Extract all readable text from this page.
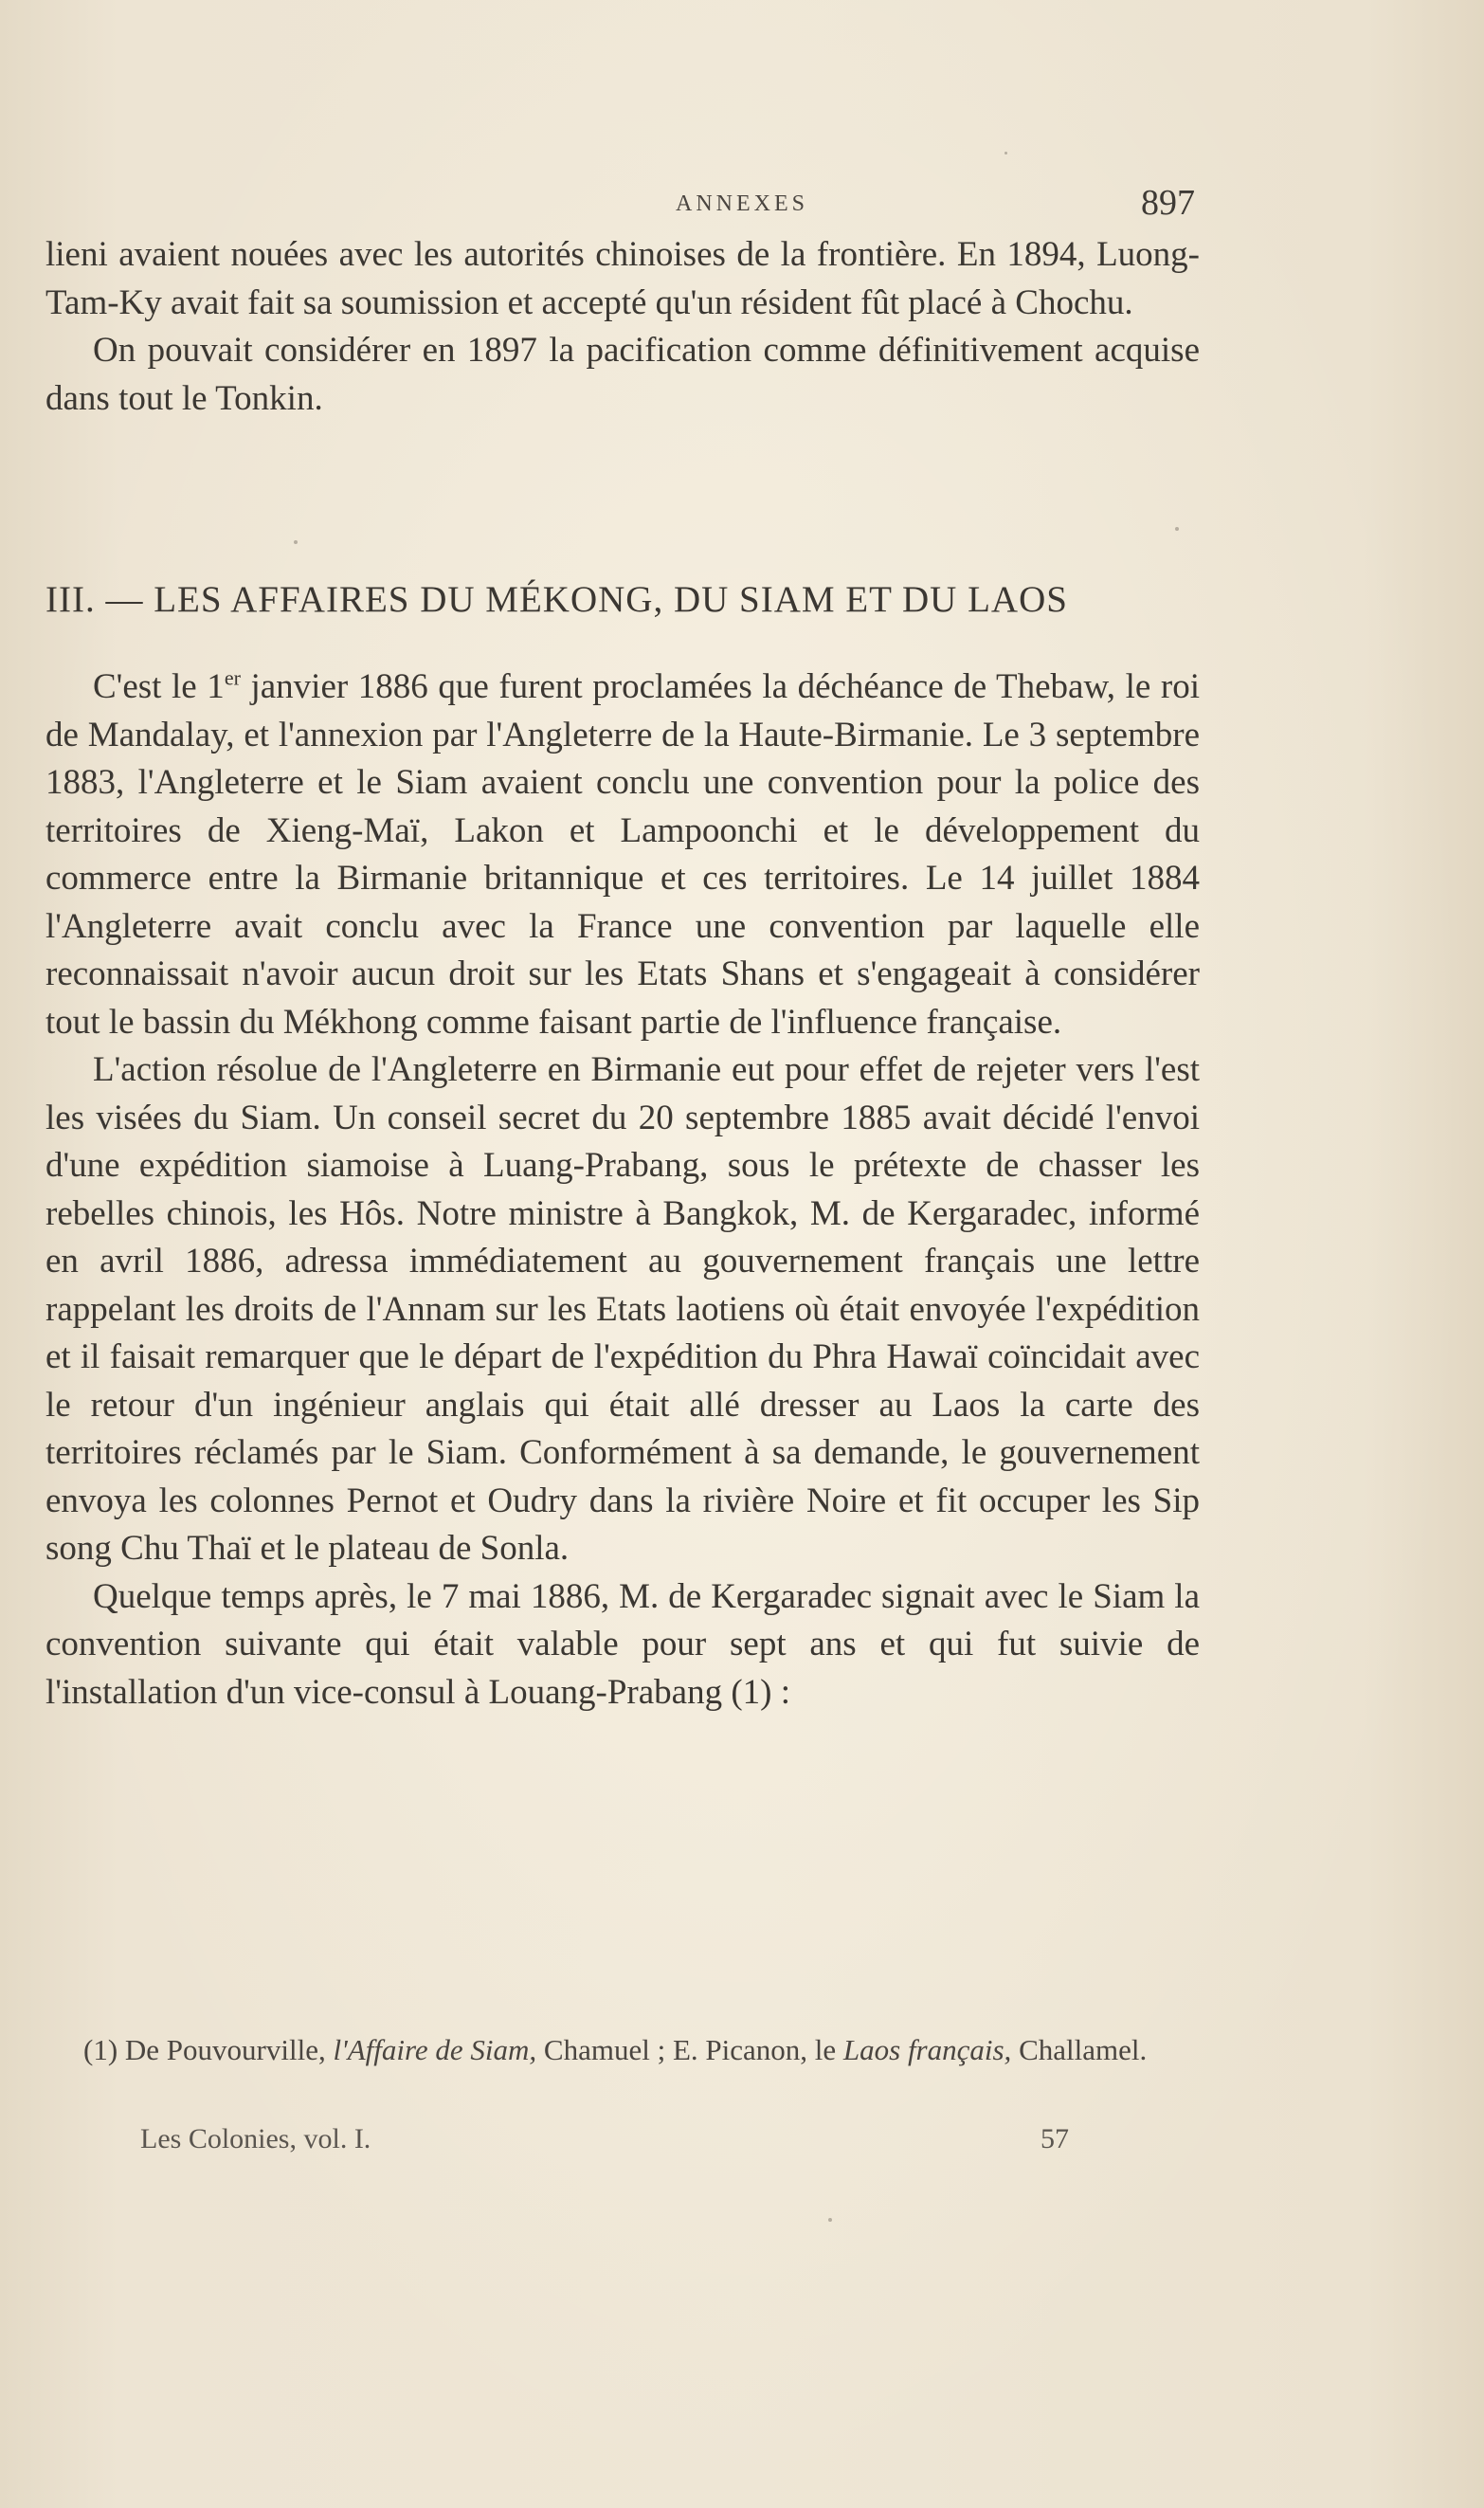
ANNEXES	897

lieni avaient nouées avec les autorités chinoises de la frontière. En 1894, Luong-Tam-Ky avait fait sa soumission et accepté qu'un résident fût placé à Chochu.

On pouvait considérer en 1897 la pacification comme définitivement acquise dans tout le Tonkin.

III. — LES AFFAIRES DU MÉKONG, DU SIAM ET DU LAOS

C'est le 1er janvier 1886 que furent proclamées la déchéance de Thebaw, le roi de Mandalay, et l'annexion par l'Angleterre de la Haute-Birmanie. Le 3 septembre 1883, l'Angleterre et le Siam avaient conclu une convention pour la police des territoires de Xieng-Maï, Lakon et Lampoonchi et le développement du commerce entre la Birmanie britannique et ces territoires. Le 14 juillet 1884 l'Angleterre avait conclu avec la France une convention par laquelle elle reconnaissait n'avoir aucun droit sur les Etats Shans et s'engageait à considérer tout le bassin du Mékhong comme faisant partie de l'influence française.

L'action résolue de l'Angleterre en Birmanie eut pour effet de rejeter vers l'est les visées du Siam. Un conseil secret du 20 septembre 1885 avait décidé l'envoi d'une expédition siamoise à Luang-Prabang, sous le prétexte de chasser les rebelles chinois, les Hôs. Notre ministre à Bangkok, M. de Kergaradec, informé en avril 1886, adressa immédiatement au gouvernement français une lettre rappelant les droits de l'Annam sur les Etats laotiens où était envoyée l'expédition et il faisait remarquer que le départ de l'expédition du Phra Hawaï coïncidait avec le retour d'un ingénieur anglais qui était allé dresser au Laos la carte des territoires réclamés par le Siam. Conformément à sa demande, le gouvernement envoya les colonnes Pernot et Oudry dans la rivière Noire et fit occuper les Sip song Chu Thaï et le plateau de Sonla.

Quelque temps après, le 7 mai 1886, M. de Kergaradec signait avec le Siam la convention suivante qui était valable pour sept ans et qui fut suivie de l'installation d'un vice-consul à Louang-Prabang (1) :

(1) De Pouvourville, l'Affaire de Siam, Chamuel ; E. Picanon, le Laos français, Challamel.

Les Colonies, vol. I.	57
